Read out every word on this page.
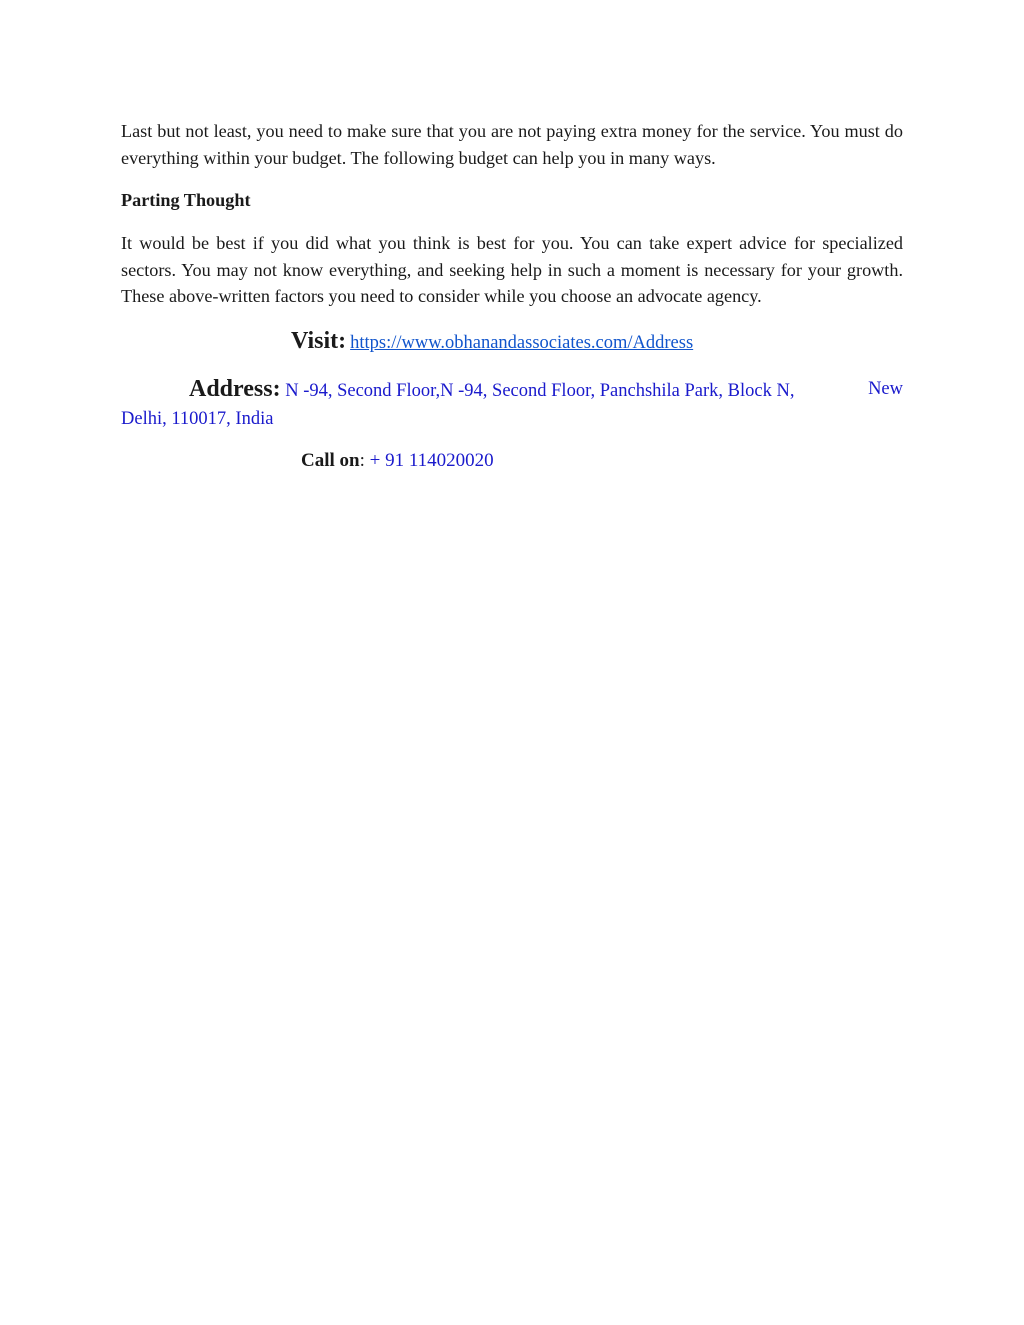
Last but not least, you need to make sure that you are not paying extra money for the service. You must do everything within your budget. The following budget can help you in many ways.

Parting Thought

It would be best if you did what you think is best for you. You can take expert advice for specialized sectors. You may not know everything, and seeking help in such a moment is necessary for your growth. These above-written factors you need to consider while you choose an advocate agency.

Visit: https://www.obhanandassociates.com/Address
Address: N -94, Second Floor,N -94, Second Floor, Panchshila Park, Block N,	New

Delhi, 110017, India
Call on: + 91 114020020
